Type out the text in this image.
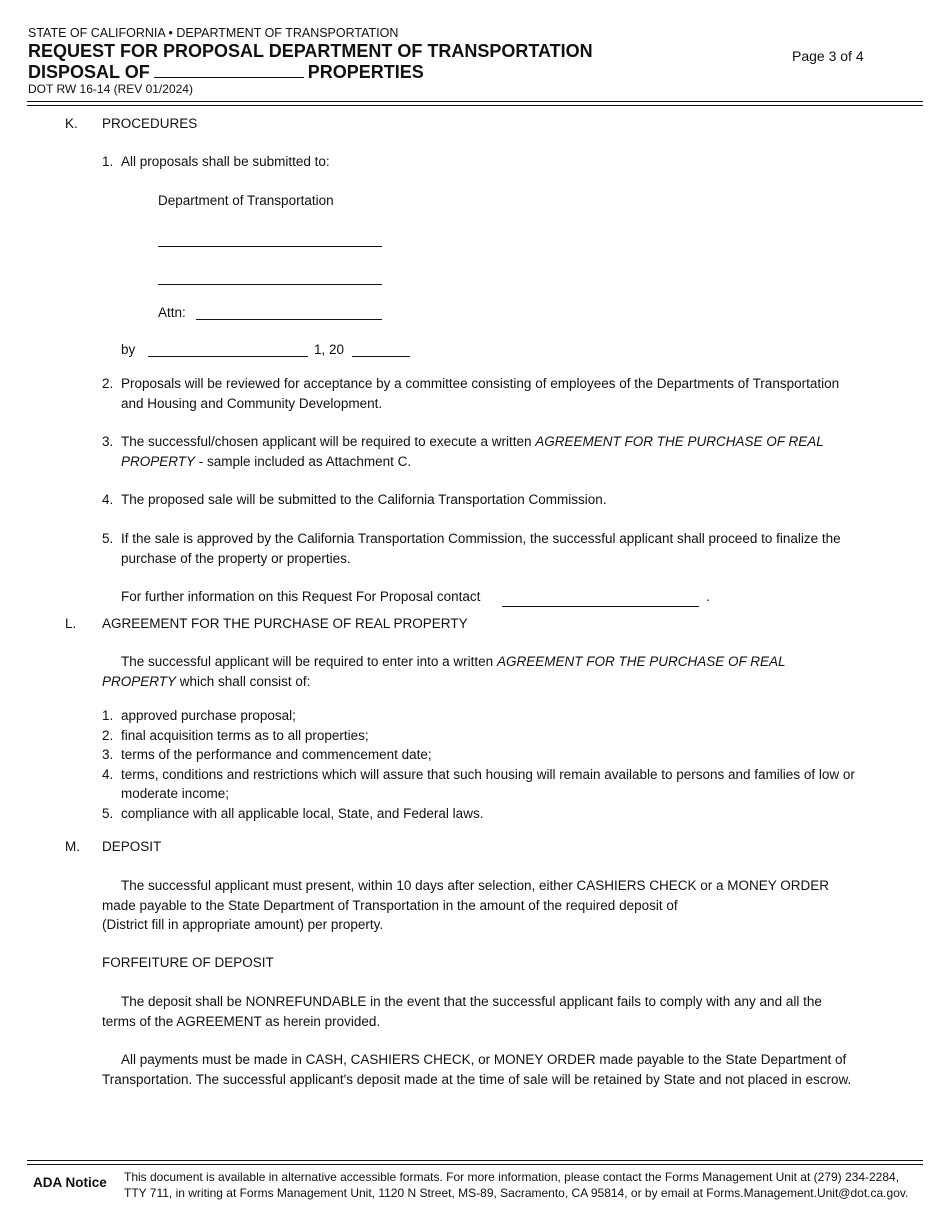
STATE OF CALIFORNIA • DEPARTMENT OF TRANSPORTATION
REQUEST FOR PROPOSAL DEPARTMENT OF TRANSPORTATION
DISPOSAL OF	PROPERTIES
DOT RW 16-14 (REV 01/2024)
Page 3 of 4
K. PROCEDURES
1. All proposals shall be submitted to:
Department of Transportation
Attn:
by	1, 20
2. Proposals will be reviewed for acceptance by a committee consisting of employees of the Departments of Transportation
and Housing and Community Development.
3. The successful/chosen applicant will be required to execute a written AGREEMENT FOR THE PURCHASE OF REAL
PROPERTY - sample included as Attachment C.
4. The proposed sale will be submitted to the California Transportation Commission.
5. If the sale is approved by the California Transportation Commission, the successful applicant shall proceed to finalize the
purchase of the property or properties.
For further information on this Request For Proposal contact	.
L. AGREEMENT FOR THE PURCHASE OF REAL PROPERTY
The successful applicant will be required to enter into a written AGREEMENT FOR THE PURCHASE OF REAL
PROPERTY which shall consist of:
1. approved purchase proposal;
2. final acquisition terms as to all properties;
3. terms of the performance and commencement date;
4. terms, conditions and restrictions which will assure that such housing will remain available to persons and families of low or
moderate income;
5. compliance with all applicable local, State, and Federal laws.
M. DEPOSIT
The successful applicant must present, within 10 days after selection, either CASHIERS CHECK or a MONEY ORDER
made payable to the State Department of Transportation in the amount of the required deposit of
(District fill in appropriate amount) per property.
FORFEITURE OF DEPOSIT
The deposit shall be NONREFUNDABLE in the event that the successful applicant fails to comply with any and all the
terms of the AGREEMENT as herein provided.
All payments must be made in CASH, CASHIERS CHECK, or MONEY ORDER made payable to the State Department of
Transportation. The successful applicant's deposit made at the time of sale will be retained by State and not placed in escrow.
ADA Notice This document is available in alternative accessible formats. For more information, please contact the Forms Management Unit at (279) 234-2284,
TTY 711, in writing at Forms Management Unit, 1120 N Street, MS-89, Sacramento, CA 95814, or by email at Forms.Management.Unit@dot.ca.gov.
